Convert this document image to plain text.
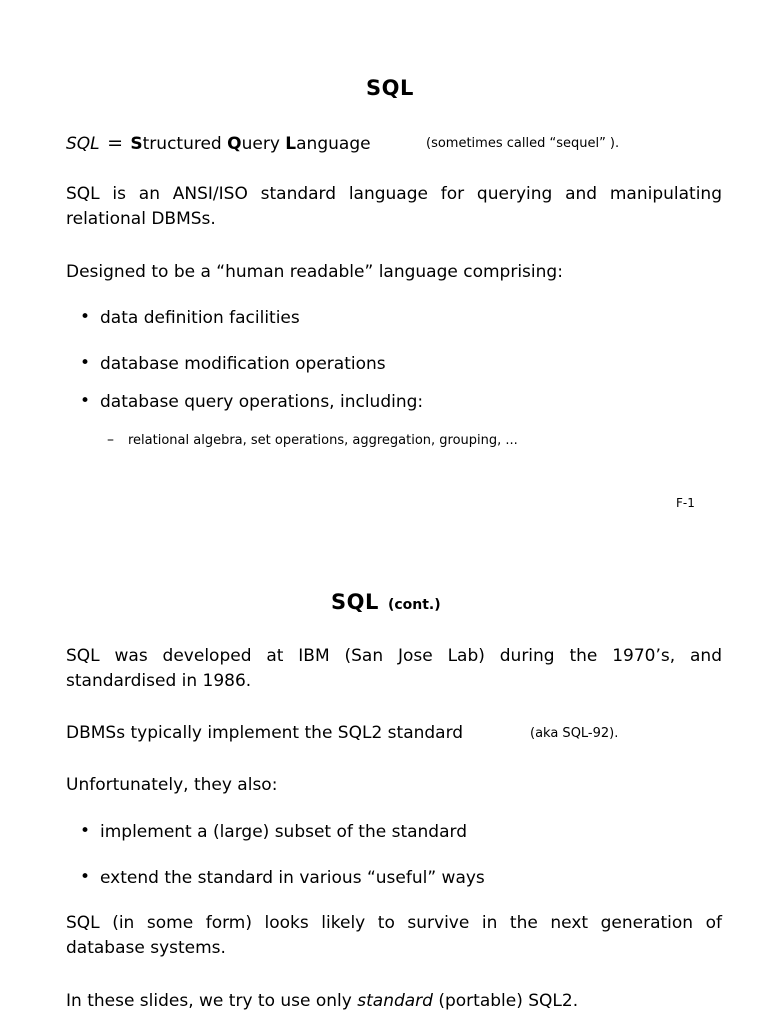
SQL
SQL = Structured Query Language	(sometimes called “sequel” ).
SQL is an ANSI/ISO standard language for querying and manipulating
relational DBMSs.
Designed to be a “human readable” language comprising:
• data definition facilities
• database modification operations
• database query operations, including:
– relational algebra, set operations, aggregation, grouping, ...
F-1
SQL (cont.)
SQL was developed at IBM (San Jose Lab) during the 1970’s, and
standardised in 1986.
DBMSs typically implement the SQL2 standard	(aka SQL-92).
Unfortunately, they also:
• implement a (large) subset of the standard
• extend the standard in various “useful” ways
SQL (in some form) looks likely to survive in the next generation of
database systems.
In these slides, we try to use only standard (portable) SQL2.
